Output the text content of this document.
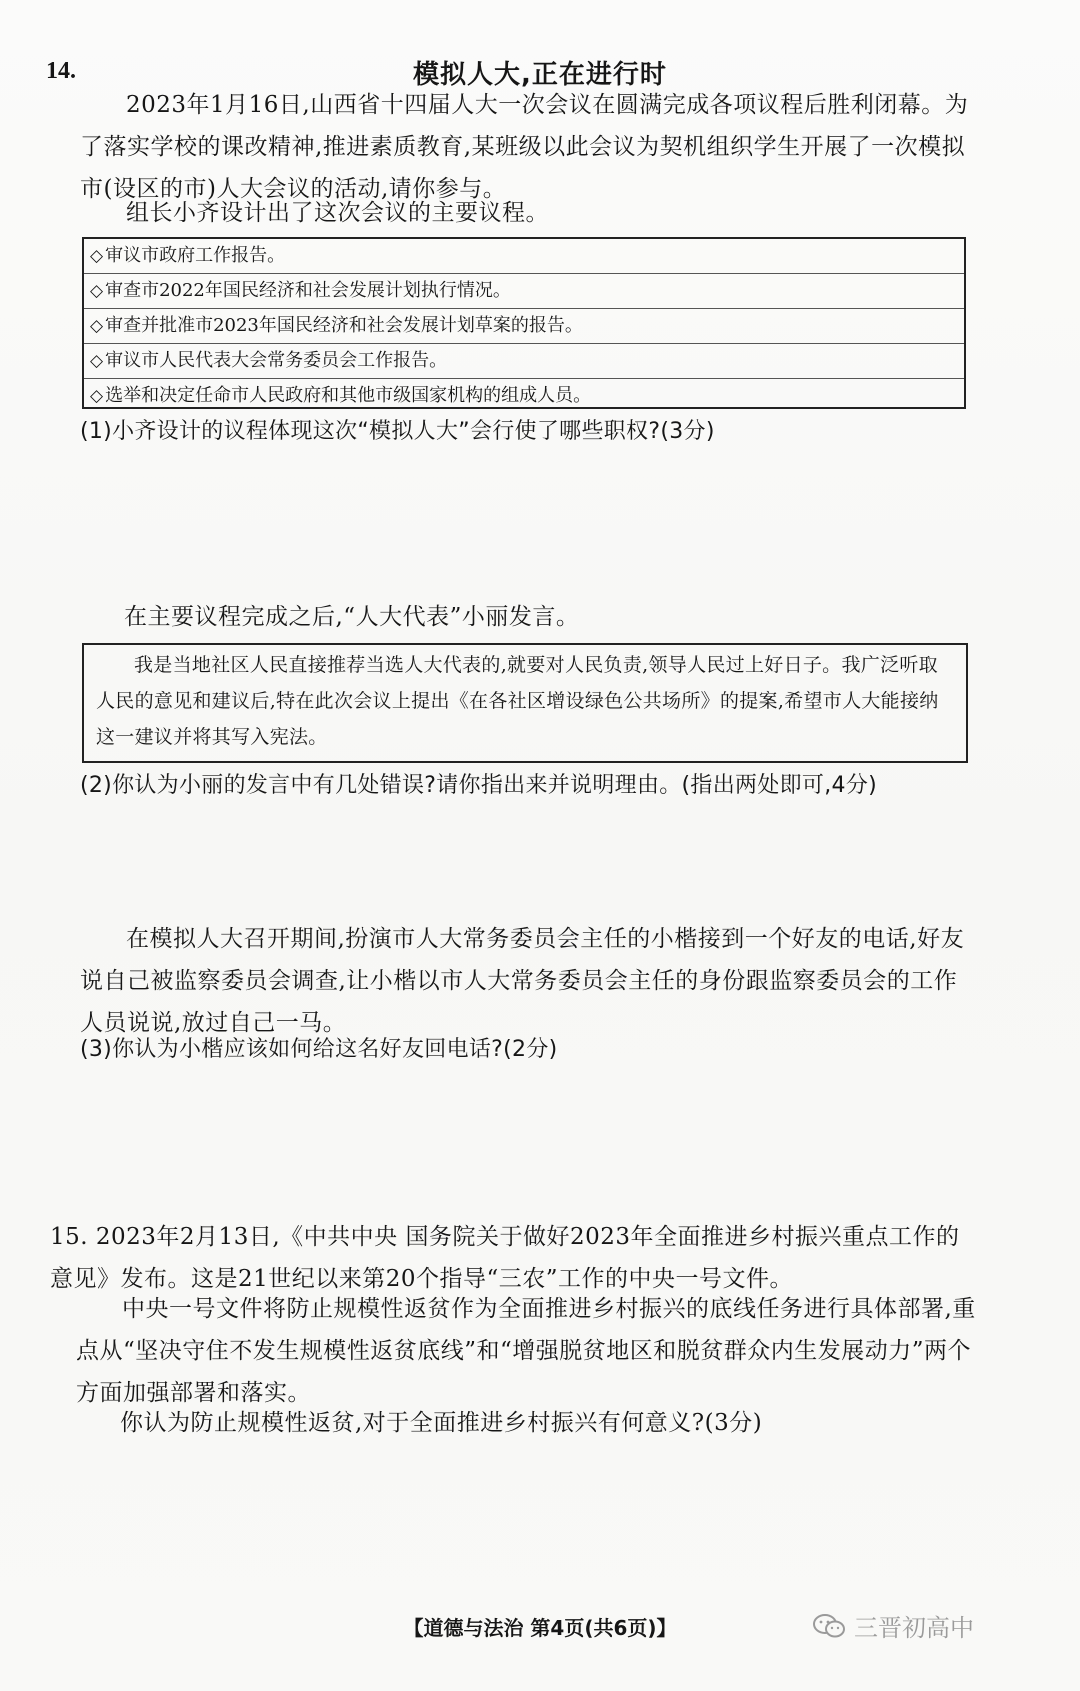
14.	模拟人大,正在进行时
2023年1月16日,山西省十四届人大一次会议在圆满完成各项议程后胜利闭幕。为了落实学校的课改精神,推进素质教育,某班级以此会议为契机组织学生开展了一次模拟市(设区的市)人大会议的活动,请你参与。
组长小齐设计出了这次会议的主要议程。
◇ 审议市政府工作报告。
◇ 审查市2022年国民经济和社会发展计划执行情况。
◇ 审查并批准市2023年国民经济和社会发展计划草案的报告。
◇ 审议市人民代表大会常务委员会工作报告。
◇ 选举和决定任命市人民政府和其他市级国家机构的组成人员。
(1)小齐设计的议程体现这次“模拟人大”会行使了哪些职权?(3分)
在主要议程完成之后,“人大代表”小丽发言。
我是当地社区人民直接推荐当选人大代表的,就要对人民负责,领导人民过上好日子。我广泛听取人民的意见和建议后,特在此次会议上提出《在各社区增设绿色公共场所》的提案,希望市人大能接纳这一建议并将其写入宪法。
(2)你认为小丽的发言中有几处错误?请你指出来并说明理由。(指出两处即可,4分)
在模拟人大召开期间,扮演市人大常务委员会主任的小楷接到一个好友的电话,好友说自己被监察委员会调查,让小楷以市人大常务委员会主任的身份跟监察委员会的工作人员说说,放过自己一马。
(3)你认为小楷应该如何给这名好友回电话?(2分)
15. 2023年2月13日,《中共中央 国务院关于做好2023年全面推进乡村振兴重点工作的意见》发布。这是21世纪以来第20个指导“三农”工作的中央一号文件。
中央一号文件将防止规模性返贫作为全面推进乡村振兴的底线任务进行具体部署,重点从“坚决守住不发生规模性返贫底线”和“增强脱贫地区和脱贫群众内生发展动力”两个方面加强部署和落实。
你认为防止规模性返贫,对于全面推进乡村振兴有何意义?(3分)
【道德与法治 第4页(共6页)】	三晋初高中
